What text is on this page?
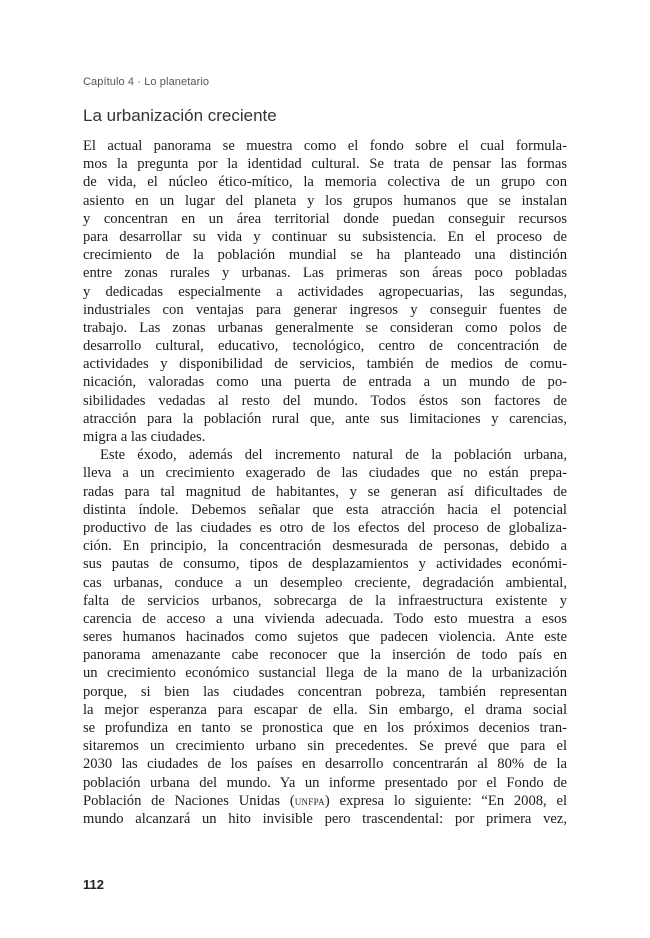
Capítulo 4 · Lo planetario
La urbanización creciente
El actual panorama se muestra como el fondo sobre el cual formula-
mos la pregunta por la identidad cultural. Se trata de pensar las formas
de vida, el núcleo ético-mítico, la memoria colectiva de un grupo con
asiento en un lugar del planeta y los grupos humanos que se instalan
y concentran en un área territorial donde puedan conseguir recursos
para desarrollar su vida y continuar su subsistencia. En el proceso de
crecimiento de la población mundial se ha planteado una distinción
entre zonas rurales y urbanas. Las primeras son áreas poco pobladas
y dedicadas especialmente a actividades agropecuarias, las segundas,
industriales con ventajas para generar ingresos y conseguir fuentes de
trabajo. Las zonas urbanas generalmente se consideran como polos de
desarrollo cultural, educativo, tecnológico, centro de concentración de
actividades y disponibilidad de servicios, también de medios de comu-
nicación, valoradas como una puerta de entrada a un mundo de po-
sibilidades vedadas al resto del mundo. Todos éstos son factores de
atracción para la población rural que, ante sus limitaciones y carencias,
migra a las ciudades.
Este éxodo, además del incremento natural de la población urbana,
lleva a un crecimiento exagerado de las ciudades que no están prepa-
radas para tal magnitud de habitantes, y se generan así dificultades de
distinta índole. Debemos señalar que esta atracción hacia el potencial
productivo de las ciudades es otro de los efectos del proceso de globaliza-
ción. En principio, la concentración desmesurada de personas, debido a
sus pautas de consumo, tipos de desplazamientos y actividades económi-
cas urbanas, conduce a un desempleo creciente, degradación ambiental,
falta de servicios urbanos, sobrecarga de la infraestructura existente y
carencia de acceso a una vivienda adecuada. Todo esto muestra a esos
seres humanos hacinados como sujetos que padecen violencia. Ante este
panorama amenazante cabe reconocer que la inserción de todo país en
un crecimiento económico sustancial llega de la mano de la urbanización
porque, si bien las ciudades concentran pobreza, también representan
la mejor esperanza para escapar de ella. Sin embargo, el drama social
se profundiza en tanto se pronostica que en los próximos decenios tran-
sitaremos un crecimiento urbano sin precedentes. Se prevé que para el
2030 las ciudades de los países en desarrollo concentrarán al 80% de la
población urbana del mundo. Ya un informe presentado por el Fondo de
Población de Naciones Unidas (unfpa) expresa lo siguiente: “En 2008, el
mundo alcanzará un hito invisible pero trascendental: por primera vez,
112
